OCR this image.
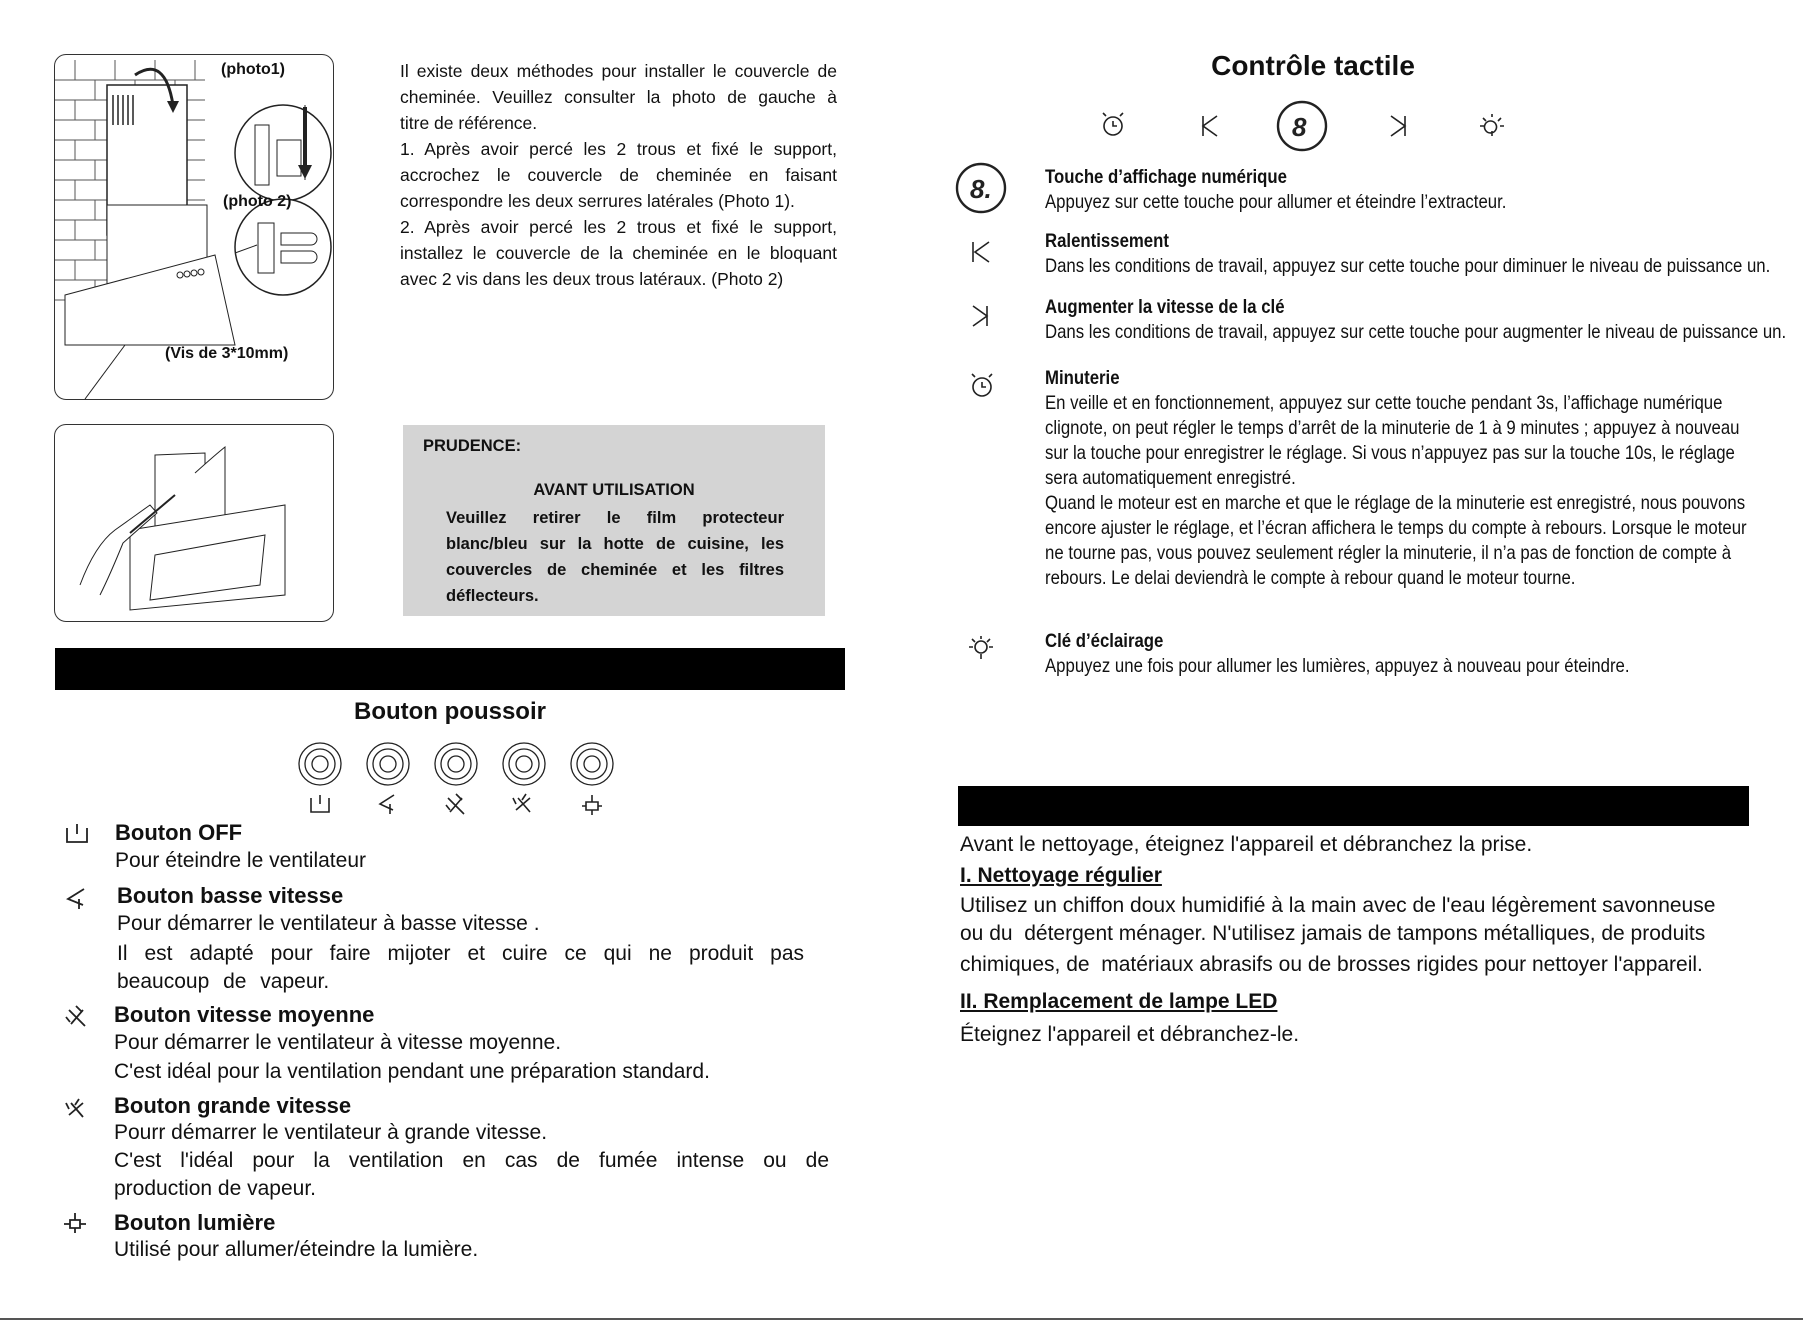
(photo1)
(photo 2)
(Vis de 3*10mm)
Il existe deux méthodes pour installer le couvercle de
cheminée. Veuillez consulter la photo de gauche à
titre de référence.
1. Après avoir percé les 2 trous et fixé le support,
accrochez le couvercle de cheminée en faisant
correspondre les deux serrures latérales (Photo 1).
2. Après avoir percé les 2 trous et fixé le support,
installez le couvercle de la cheminée en le bloquant
avec 2 vis dans les deux trous latéraux. (Photo 2)
PRUDENCE:
AVANT UTILISATION
Veuillez retirer le film protecteur
blanc/bleu sur la hotte de cuisine, les
couvercles de cheminée et les filtres
déflecteurs.
Bouton poussoir
Bouton OFF
Pour éteindre le ventilateur
Bouton basse vitesse
Pour démarrer le ventilateur à basse vitesse .
Il est adapté pour faire mijoter et cuire ce qui ne produit pas
beaucoup de vapeur.
Bouton vitesse moyenne
Pour démarrer le ventilateur à vitesse moyenne.
C'est idéal pour la ventilation pendant une préparation standard.
Bouton grande vitesse
Pourr démarrer le ventilateur à grande vitesse.
C'est l'idéal pour la ventilation en cas de fumée intense ou de
production de vapeur.
Bouton lumière
Utilisé pour allumer/éteindre la lumière.
Contrôle tactile
8
8.	Touche d’affichage numérique
Appuyez sur cette touche pour allumer et éteindre l’extracteur.
Ralentissement
Dans les conditions de travail, appuyez sur cette touche pour diminuer le niveau de puissance un.
Augmenter la vitesse de la clé
Dans les conditions de travail, appuyez sur cette touche pour augmenter le niveau de puissance un.
Minuterie
En veille et en fonctionnement, appuyez sur cette touche pendant 3s, l’affichage numérique
clignote, on peut régler le temps d’arrêt de la minuterie de 1 à 9 minutes ; appuyez à nouveau
sur la touche pour enregistrer le réglage. Si vous n’appuyez pas sur la touche 10s, le réglage
sera automatiquement enregistré.
Quand le moteur est en marche et que le réglage de la minuterie est enregistré, nous pouvons
encore ajuster le réglage, et l’écran affichera le temps du compte à rebours. Lorsque le moteur
ne tourne pas, vous pouvez seulement régler la minuterie, il n’a pas de fonction de compte à
rebours. Le delai deviendrà le compte à rebour quand le moteur tourne.
Clé d’éclairage
Appuyez une fois pour allumer les lumières, appuyez à nouveau pour éteindre.
Avant le nettoyage, éteignez l'appareil et débranchez la prise.
I. Nettoyage régulier
Utilisez un chiffon doux humidifié à la main avec de l'eau légèrement savonneuse
ou du  détergent ménager. N'utilisez jamais de tampons métalliques, de produits
chimiques, de  matériaux abrasifs ou de brosses rigides pour nettoyer l'appareil.
II. Remplacement de lampe LED
Éteignez l'appareil et débranchez-le.
